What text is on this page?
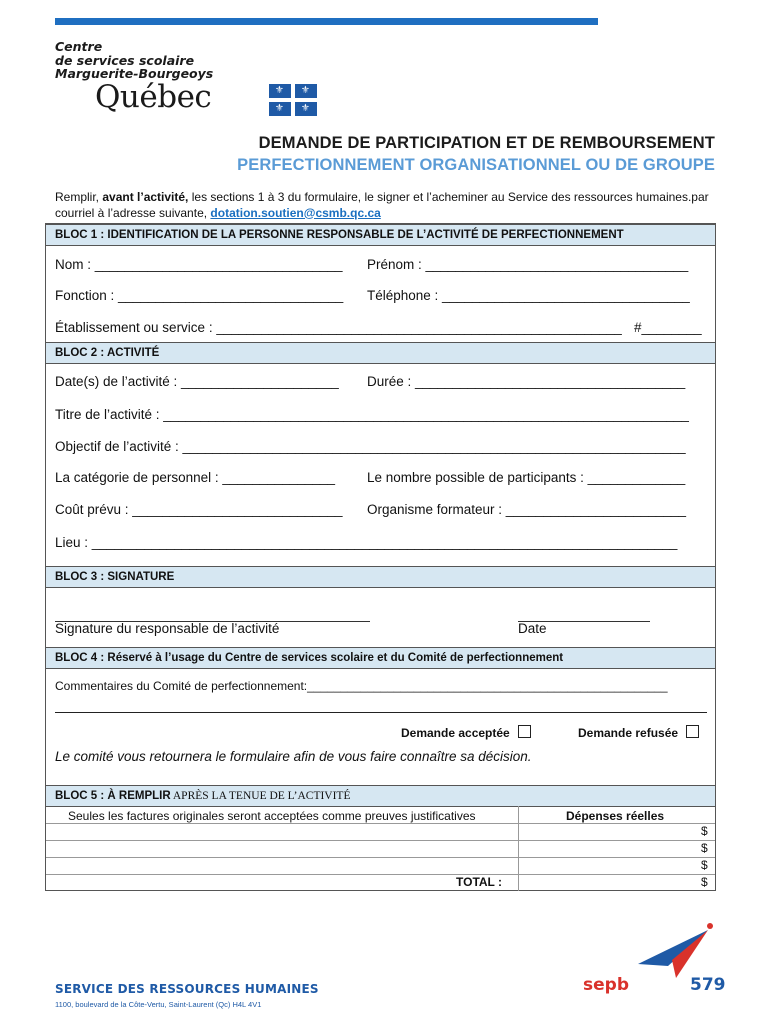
Centre
de services scolaire
Marguerite-Bourgeoys
Québec	⚜ ⚜
⚜ ⚜
DEMANDE DE PARTICIPATION ET DE REMBOURSEMENT
PERFECTIONNEMENT ORGANISATIONNEL OU DE GROUPE
Remplir, avant l’activité, les sections 1 à 3 du formulaire, le signer et l’acheminer au Service des ressources humaines.par courriel à l’adresse suivante, dotation.soutien@csmb.qc.ca
BLOC 1 : IDENTIFICATION DE LA PERSONNE RESPONSABLE DE L’ACTIVITÉ DE PERFECTIONNEMENT
Nom : _________________________________ Prénom : ___________________________________
Fonction : ______________________________ Téléphone : _________________________________
Établissement ou service : ______________________________________________________ #________
BLOC 2 : ACTIVITÉ
Date(s) de l’activité : _____________________ Durée : ____________________________________
Titre de l’activité : ______________________________________________________________________
Objectif de l’activité : ___________________________________________________________________
La catégorie de personnel : _______________ Le nombre possible de participants : _____________
Coût prévu : ____________________________ Organisme formateur : ________________________
Lieu : ______________________________________________________________________________
BLOC 3 : SIGNATURE
Signature du responsable de l’activité	Date
BLOC 4 : Réservé à l’usage du Centre de services scolaire et du Comité de perfectionnement
Commentaires du Comité de perfectionnement:______________________________________________________
Demande acceptée	Demande refusée
Le comité vous retournera le formulaire afin de vous faire connaître sa décision.
BLOC 5 : À REMPLIR APRÈS LA TENUE DE L’ACTIVITÉ
Seules les factures originales seront acceptées comme preuves justificatives	Dépenses réelles
$
$
$
TOTAL :	$
SERVICE DES RESSOURCES HUMAINES
1100, boulevard de la Côte-Vertu, Saint-Laurent (Qc) H4L 4V1
sepb	579
